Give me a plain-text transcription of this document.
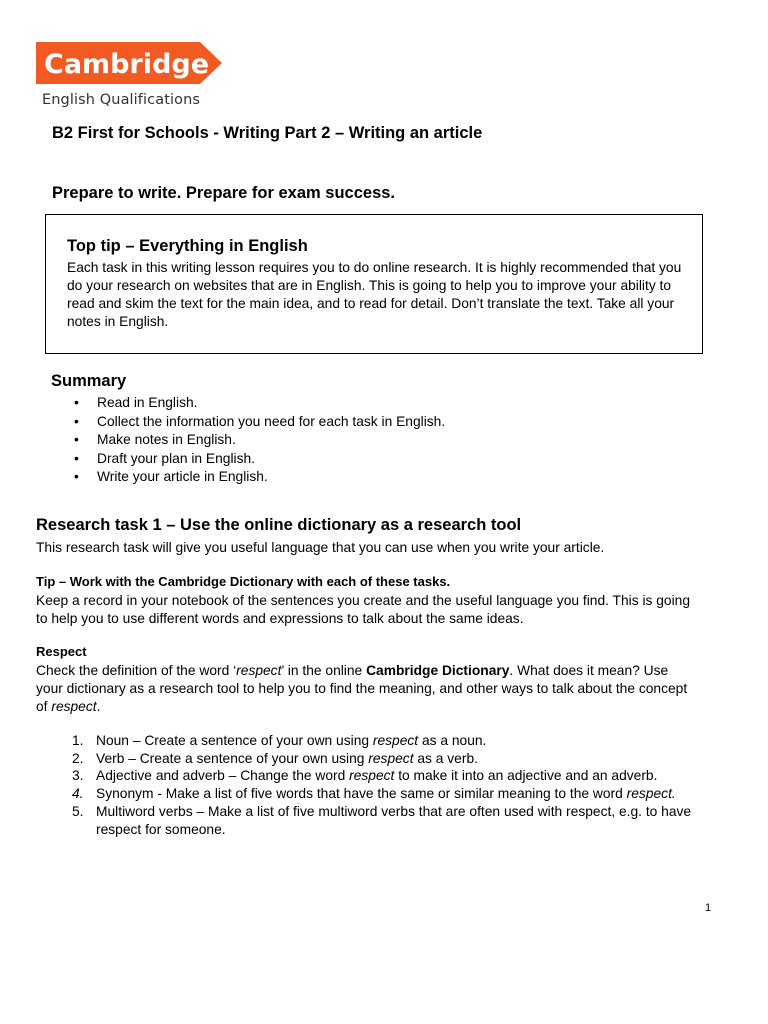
Cambridge
English Qualifications
B2 First for Schools - Writing Part 2 – Writing an article
Prepare to write. Prepare for exam success.
Top tip – Everything in English

Each task in this writing lesson requires you to do online research. It is highly recommended that you do your research on websites that are in English. This is going to help you to improve your ability to read and skim the text for the main idea, and to read for detail. Don’t translate the text. Take all your notes in English.

Summary
• Read in English.
• Collect the information you need for each task in English.
• Make notes in English.
• Draft your plan in English.
• Write your article in English.
Research task 1 – Use the online dictionary as a research tool

This research task will give you useful language that you can use when you write your article.

Tip – Work with the Cambridge Dictionary with each of these tasks.

Keep a record in your notebook of the sentences you create and the useful language you find. This is going to help you to use different words and expressions to talk about the same ideas.

Respect

Check the definition of the word ‘respect’ in the online Cambridge Dictionary. What does it mean? Use your dictionary as a research tool to help you to find the meaning, and other ways to talk about the concept of respect.

1. Noun – Create a sentence of your own using respect as a noun.
2. Verb – Create a sentence of your own using respect as a verb.
3. Adjective and adverb – Change the word respect to make it into an adjective and an adverb.
4. Synonym - Make a list of five words that have the same or similar meaning to the word respect.
5. Multiword verbs – Make a list of five multiword verbs that are often used with respect, e.g. to have respect for someone.
1
